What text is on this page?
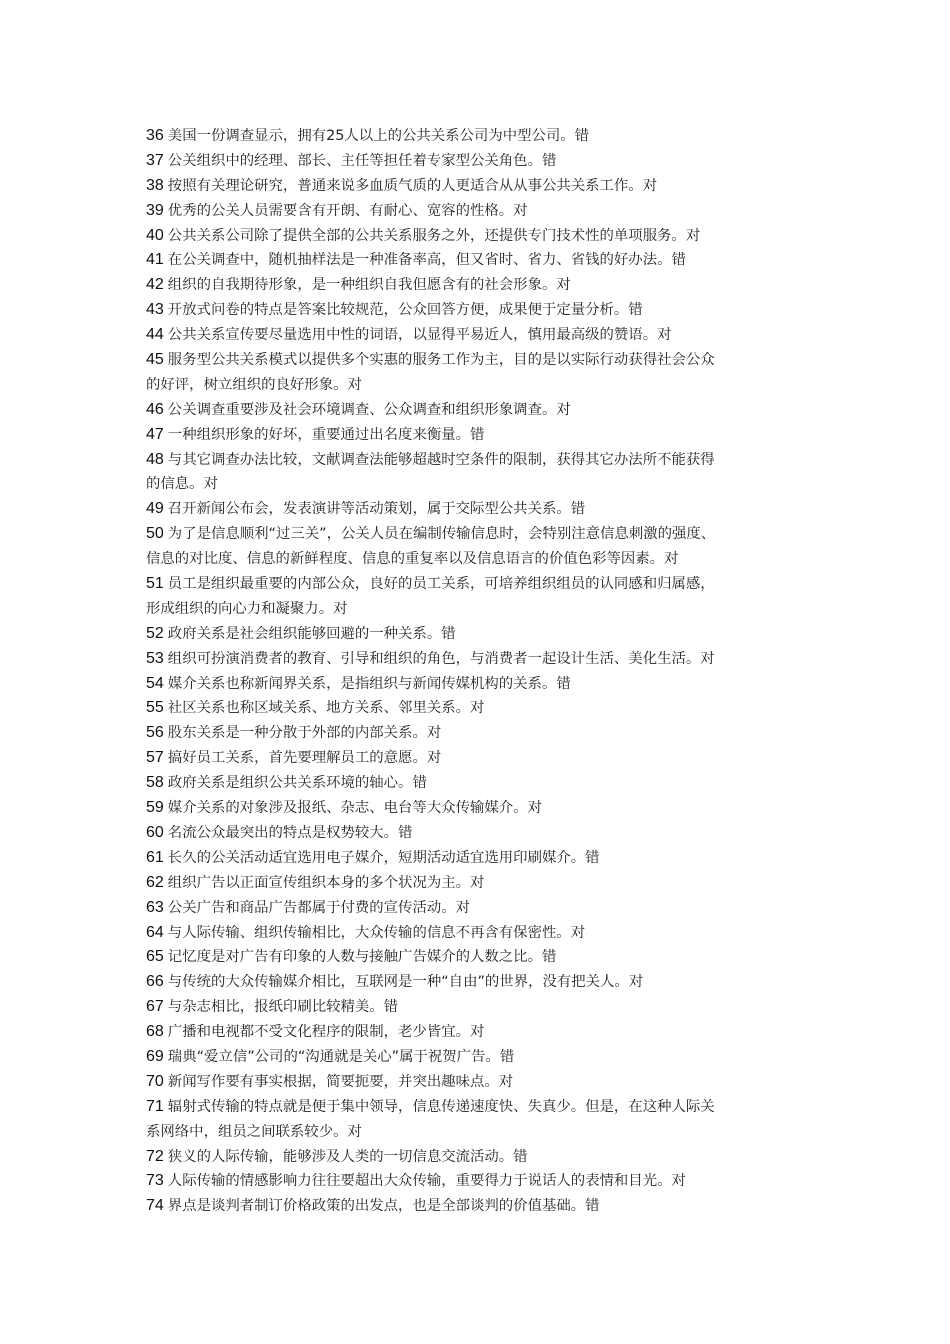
36 美国一份调查显示，拥有25人以上的公共关系公司为中型公司。错
37 公关组织中的经理、部长、主任等担任着专家型公关角色。错
38 按照有关理论研究，普通来说多血质气质的人更适合从从事公共关系工作。对
39 优秀的公关人员需要含有开朗、有耐心、宽容的性格。对
40 公共关系公司除了提供全部的公共关系服务之外，还提供专门技术性的单项服务。对
41 在公关调查中，随机抽样法是一种准备率高，但又省时、省力、省钱的好办法。错
42 组织的自我期待形象，是一种组织自我但愿含有的社会形象。对
43 开放式问卷的特点是答案比较规范，公众回答方便，成果便于定量分析。错
44 公共关系宣传要尽量选用中性的词语，以显得平易近人，慎用最高级的赞语。对
45 服务型公共关系模式以提供多个实惠的服务工作为主，目的是以实际行动获得社会公众
的好评，树立组织的良好形象。对
46 公关调查重要涉及社会环境调查、公众调查和组织形象调查。对
47 一种组织形象的好坏，重要通过出名度来衡量。错
48 与其它调查办法比较，文献调查法能够超越时空条件的限制，获得其它办法所不能获得
的信息。对
49 召开新闻公布会，发表演讲等活动策划，属于交际型公共关系。错
50 为了是信息顺利“过三关”，公关人员在编制传输信息时，会特别注意信息刺激的强度、
信息的对比度、信息的新鲜程度、信息的重复率以及信息语言的价值色彩等因素。对
51 员工是组织最重要的内部公众，良好的员工关系，可培养组织组员的认同感和归属感，
形成组织的向心力和凝聚力。对
52 政府关系是社会组织能够回避的一种关系。错
53 组织可扮演消费者的教育、引导和组织的角色，与消费者一起设计生活、美化生活。对
54 媒介关系也称新闻界关系，是指组织与新闻传媒机构的关系。错
55 社区关系也称区域关系、地方关系、邻里关系。对
56 股东关系是一种分散于外部的内部关系。对
57 搞好员工关系，首先要理解员工的意愿。对
58 政府关系是组织公共关系环境的轴心。错
59 媒介关系的对象涉及报纸、杂志、电台等大众传输媒介。对
60 名流公众最突出的特点是权势较大。错
61 长久的公关活动适宜选用电子媒介，短期活动适宜选用印刷媒介。错
62 组织广告以正面宣传组织本身的多个状况为主。对
63 公关广告和商品广告都属于付费的宣传活动。对
64 与人际传输、组织传输相比，大众传输的信息不再含有保密性。对
65 记忆度是对广告有印象的人数与接触广告媒介的人数之比。错
66 与传统的大众传输媒介相比，互联网是一种“自由”的世界，没有把关人。对
67 与杂志相比，报纸印刷比较精美。错
68 广播和电视都不受文化程序的限制，老少皆宜。对
69 瑞典“爱立信”公司的“沟通就是关心”属于祝贺广告。错
70 新闻写作要有事实根据，简要扼要，并突出趣味点。对
71 辐射式传输的特点就是便于集中领导，信息传递速度快、失真少。但是，在这种人际关
系网络中，组员之间联系较少。对
72 狭义的人际传输，能够涉及人类的一切信息交流活动。错
73 人际传输的情感影响力往往要超出大众传输，重要得力于说话人的表情和目光。对
74 界点是谈判者制订价格政策的出发点，也是全部谈判的价值基础。错
